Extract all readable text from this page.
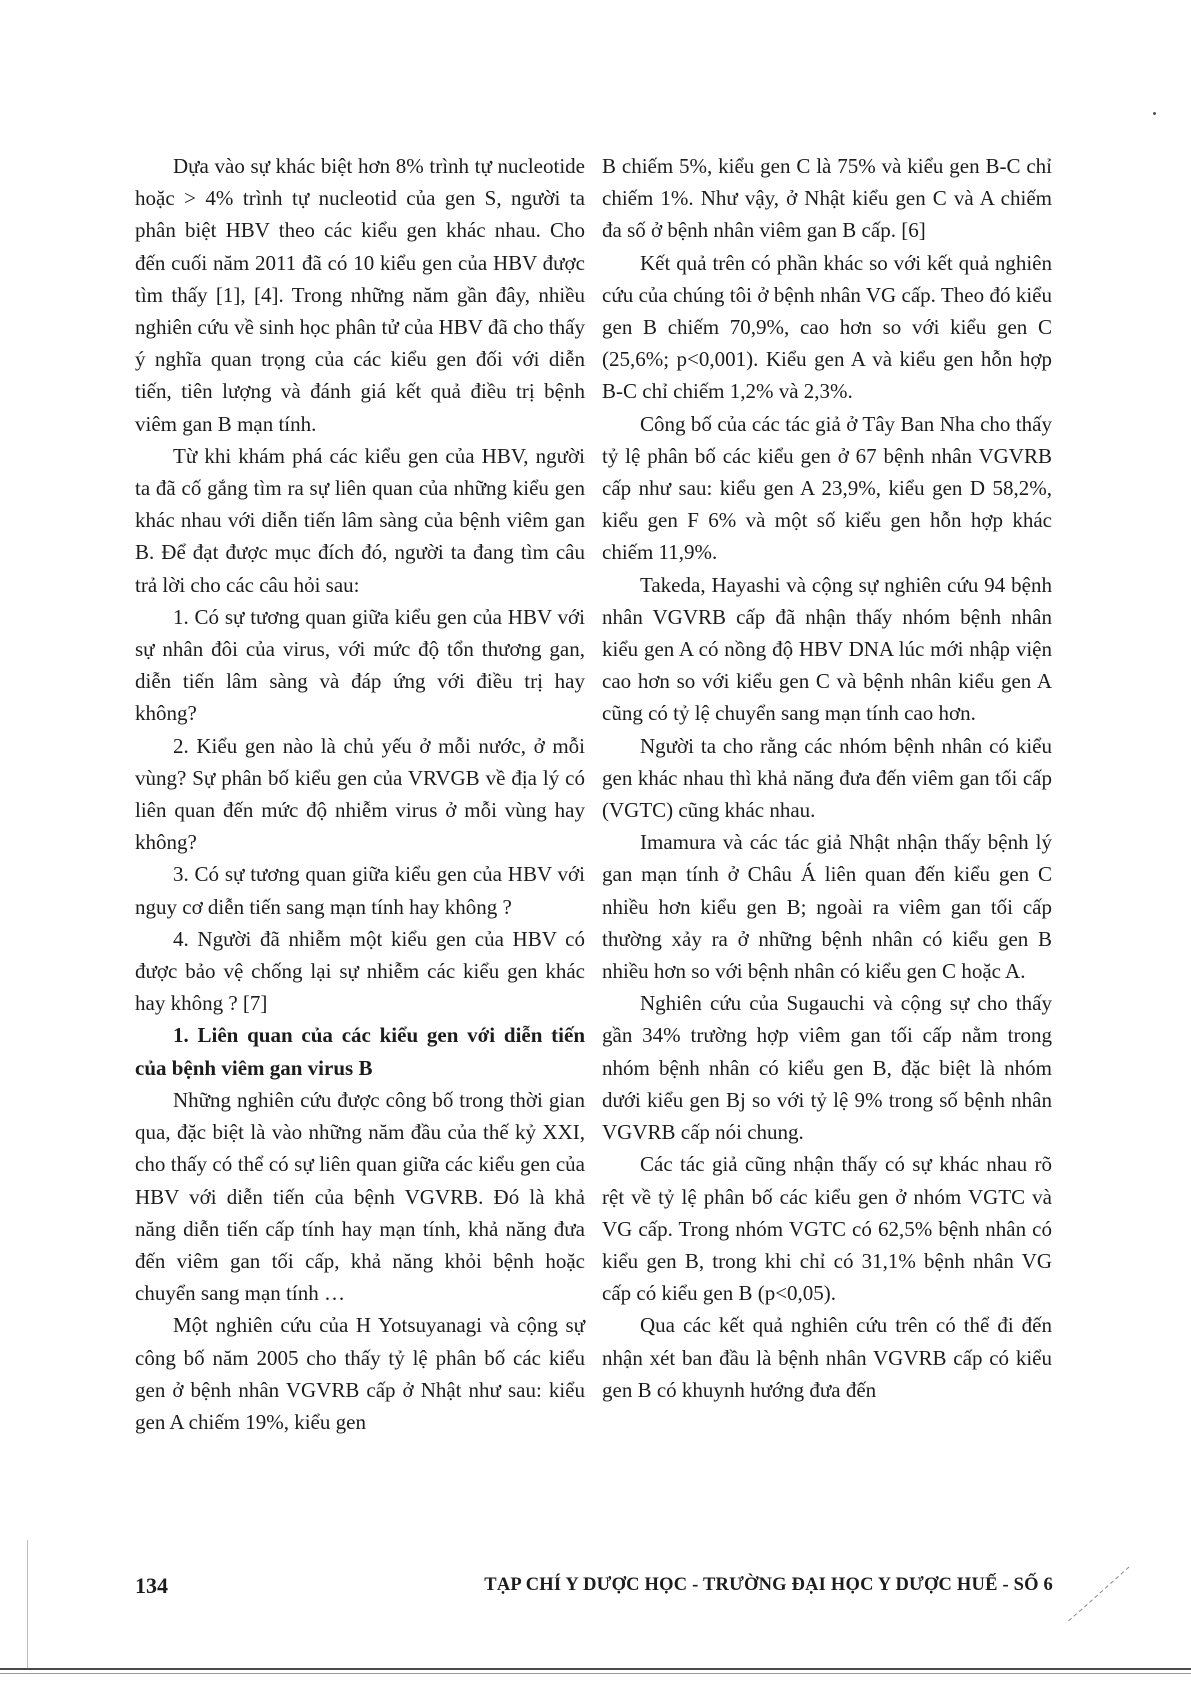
Dựa vào sự khác biệt hơn 8% trình tự nucleotide hoặc > 4% trình tự nucleotid của gen S, người ta phân biệt HBV theo các kiểu gen khác nhau. Cho đến cuối năm 2011 đã có 10 kiểu gen của HBV được tìm thấy [1], [4]. Trong những năm gần đây, nhiều nghiên cứu về sinh học phân tử của HBV đã cho thấy ý nghĩa quan trọng của các kiểu gen đối với diễn tiến, tiên lượng và đánh giá kết quả điều trị bệnh viêm gan B mạn tính.

Từ khi khám phá các kiểu gen của HBV, người ta đã cố gắng tìm ra sự liên quan của những kiểu gen khác nhau với diễn tiến lâm sàng của bệnh viêm gan B. Để đạt được mục đích đó, người ta đang tìm câu trả lời cho các câu hỏi sau:

1. Có sự tương quan giữa kiểu gen của HBV với sự nhân đôi của virus, với mức độ tổn thương gan, diễn tiến lâm sàng và đáp ứng với điều trị hay không?

2. Kiểu gen nào là chủ yếu ở mỗi nước, ở mỗi vùng? Sự phân bố kiểu gen của VRVGB về địa lý có liên quan đến mức độ nhiễm virus ở mỗi vùng hay không?

3. Có sự tương quan giữa kiểu gen của HBV với nguy cơ diễn tiến sang mạn tính hay không ?

4. Người đã nhiễm một kiểu gen của HBV có được bảo vệ chống lại sự nhiễm các kiểu gen khác hay không ? [7]

1. Liên quan của các kiểu gen với diễn tiến của bệnh viêm gan virus B

Những nghiên cứu được công bố trong thời gian qua, đặc biệt là vào những năm đầu của thế kỷ XXI, cho thấy có thể có sự liên quan giữa các kiểu gen của HBV với diễn tiến của bệnh VGVRB. Đó là khả năng diễn tiến cấp tính hay mạn tính, khả năng đưa đến viêm gan tối cấp, khả năng khỏi bệnh hoặc chuyển sang mạn tính …

Một nghiên cứu của H Yotsuyanagi và cộng sự công bố năm 2005 cho thấy tỷ lệ phân bố các kiểu gen ở bệnh nhân VGVRB cấp ở Nhật như sau: kiểu gen A chiếm 19%, kiểu gen

B chiếm 5%, kiểu gen C là 75% và kiểu gen B-C chỉ chiếm 1%. Như vậy, ở Nhật kiểu gen C và A chiếm đa số ở bệnh nhân viêm gan B cấp. [6]

Kết quả trên có phần khác so với kết quả nghiên cứu của chúng tôi ở bệnh nhân VG cấp. Theo đó kiểu gen B chiếm 70,9%, cao hơn so với kiểu gen C (25,6%; p<0,001). Kiểu gen A và kiểu gen hỗn hợp B-C chỉ chiếm 1,2% và 2,3%.

Công bố của các tác giả ở Tây Ban Nha cho thấy tỷ lệ phân bố các kiểu gen ở 67 bệnh nhân VGVRB cấp như sau: kiểu gen A 23,9%, kiểu gen D 58,2%, kiểu gen F 6% và một số kiểu gen hỗn hợp khác chiếm 11,9%.

Takeda, Hayashi và cộng sự nghiên cứu 94 bệnh nhân VGVRB cấp đã nhận thấy nhóm bệnh nhân kiểu gen A có nồng độ HBV DNA lúc mới nhập viện cao hơn so với kiểu gen C và bệnh nhân kiểu gen A cũng có tỷ lệ chuyển sang mạn tính cao hơn.

Người ta cho rằng các nhóm bệnh nhân có kiểu gen khác nhau thì khả năng đưa đến viêm gan tối cấp (VGTC) cũng khác nhau.

Imamura và các tác giả Nhật nhận thấy bệnh lý gan mạn tính ở Châu Á liên quan đến kiểu gen C nhiều hơn kiểu gen B; ngoài ra viêm gan tối cấp thường xảy ra ở những bệnh nhân có kiểu gen B nhiều hơn so với bệnh nhân có kiểu gen C hoặc A.

Nghiên cứu của Sugauchi và cộng sự cho thấy gần 34% trường hợp viêm gan tối cấp nằm trong nhóm bệnh nhân có kiểu gen B, đặc biệt là nhóm dưới kiểu gen Bj so với tỷ lệ 9% trong số bệnh nhân VGVRB cấp nói chung.

Các tác giả cũng nhận thấy có sự khác nhau rõ rệt về tỷ lệ phân bố các kiểu gen ở nhóm VGTC và VG cấp. Trong nhóm VGTC có 62,5% bệnh nhân có kiểu gen B, trong khi chỉ có 31,1% bệnh nhân VG cấp có kiểu gen B (p<0,05).

Qua các kết quả nghiên cứu trên có thể đi đến nhận xét ban đầu là bệnh nhân VGVRB cấp có kiểu gen B có khuynh hướng đưa đến

134	TẠP CHÍ Y DƯỢC HỌC - TRƯỜNG ĐẠI HỌC Y DƯỢC HUẾ - SỐ 6
